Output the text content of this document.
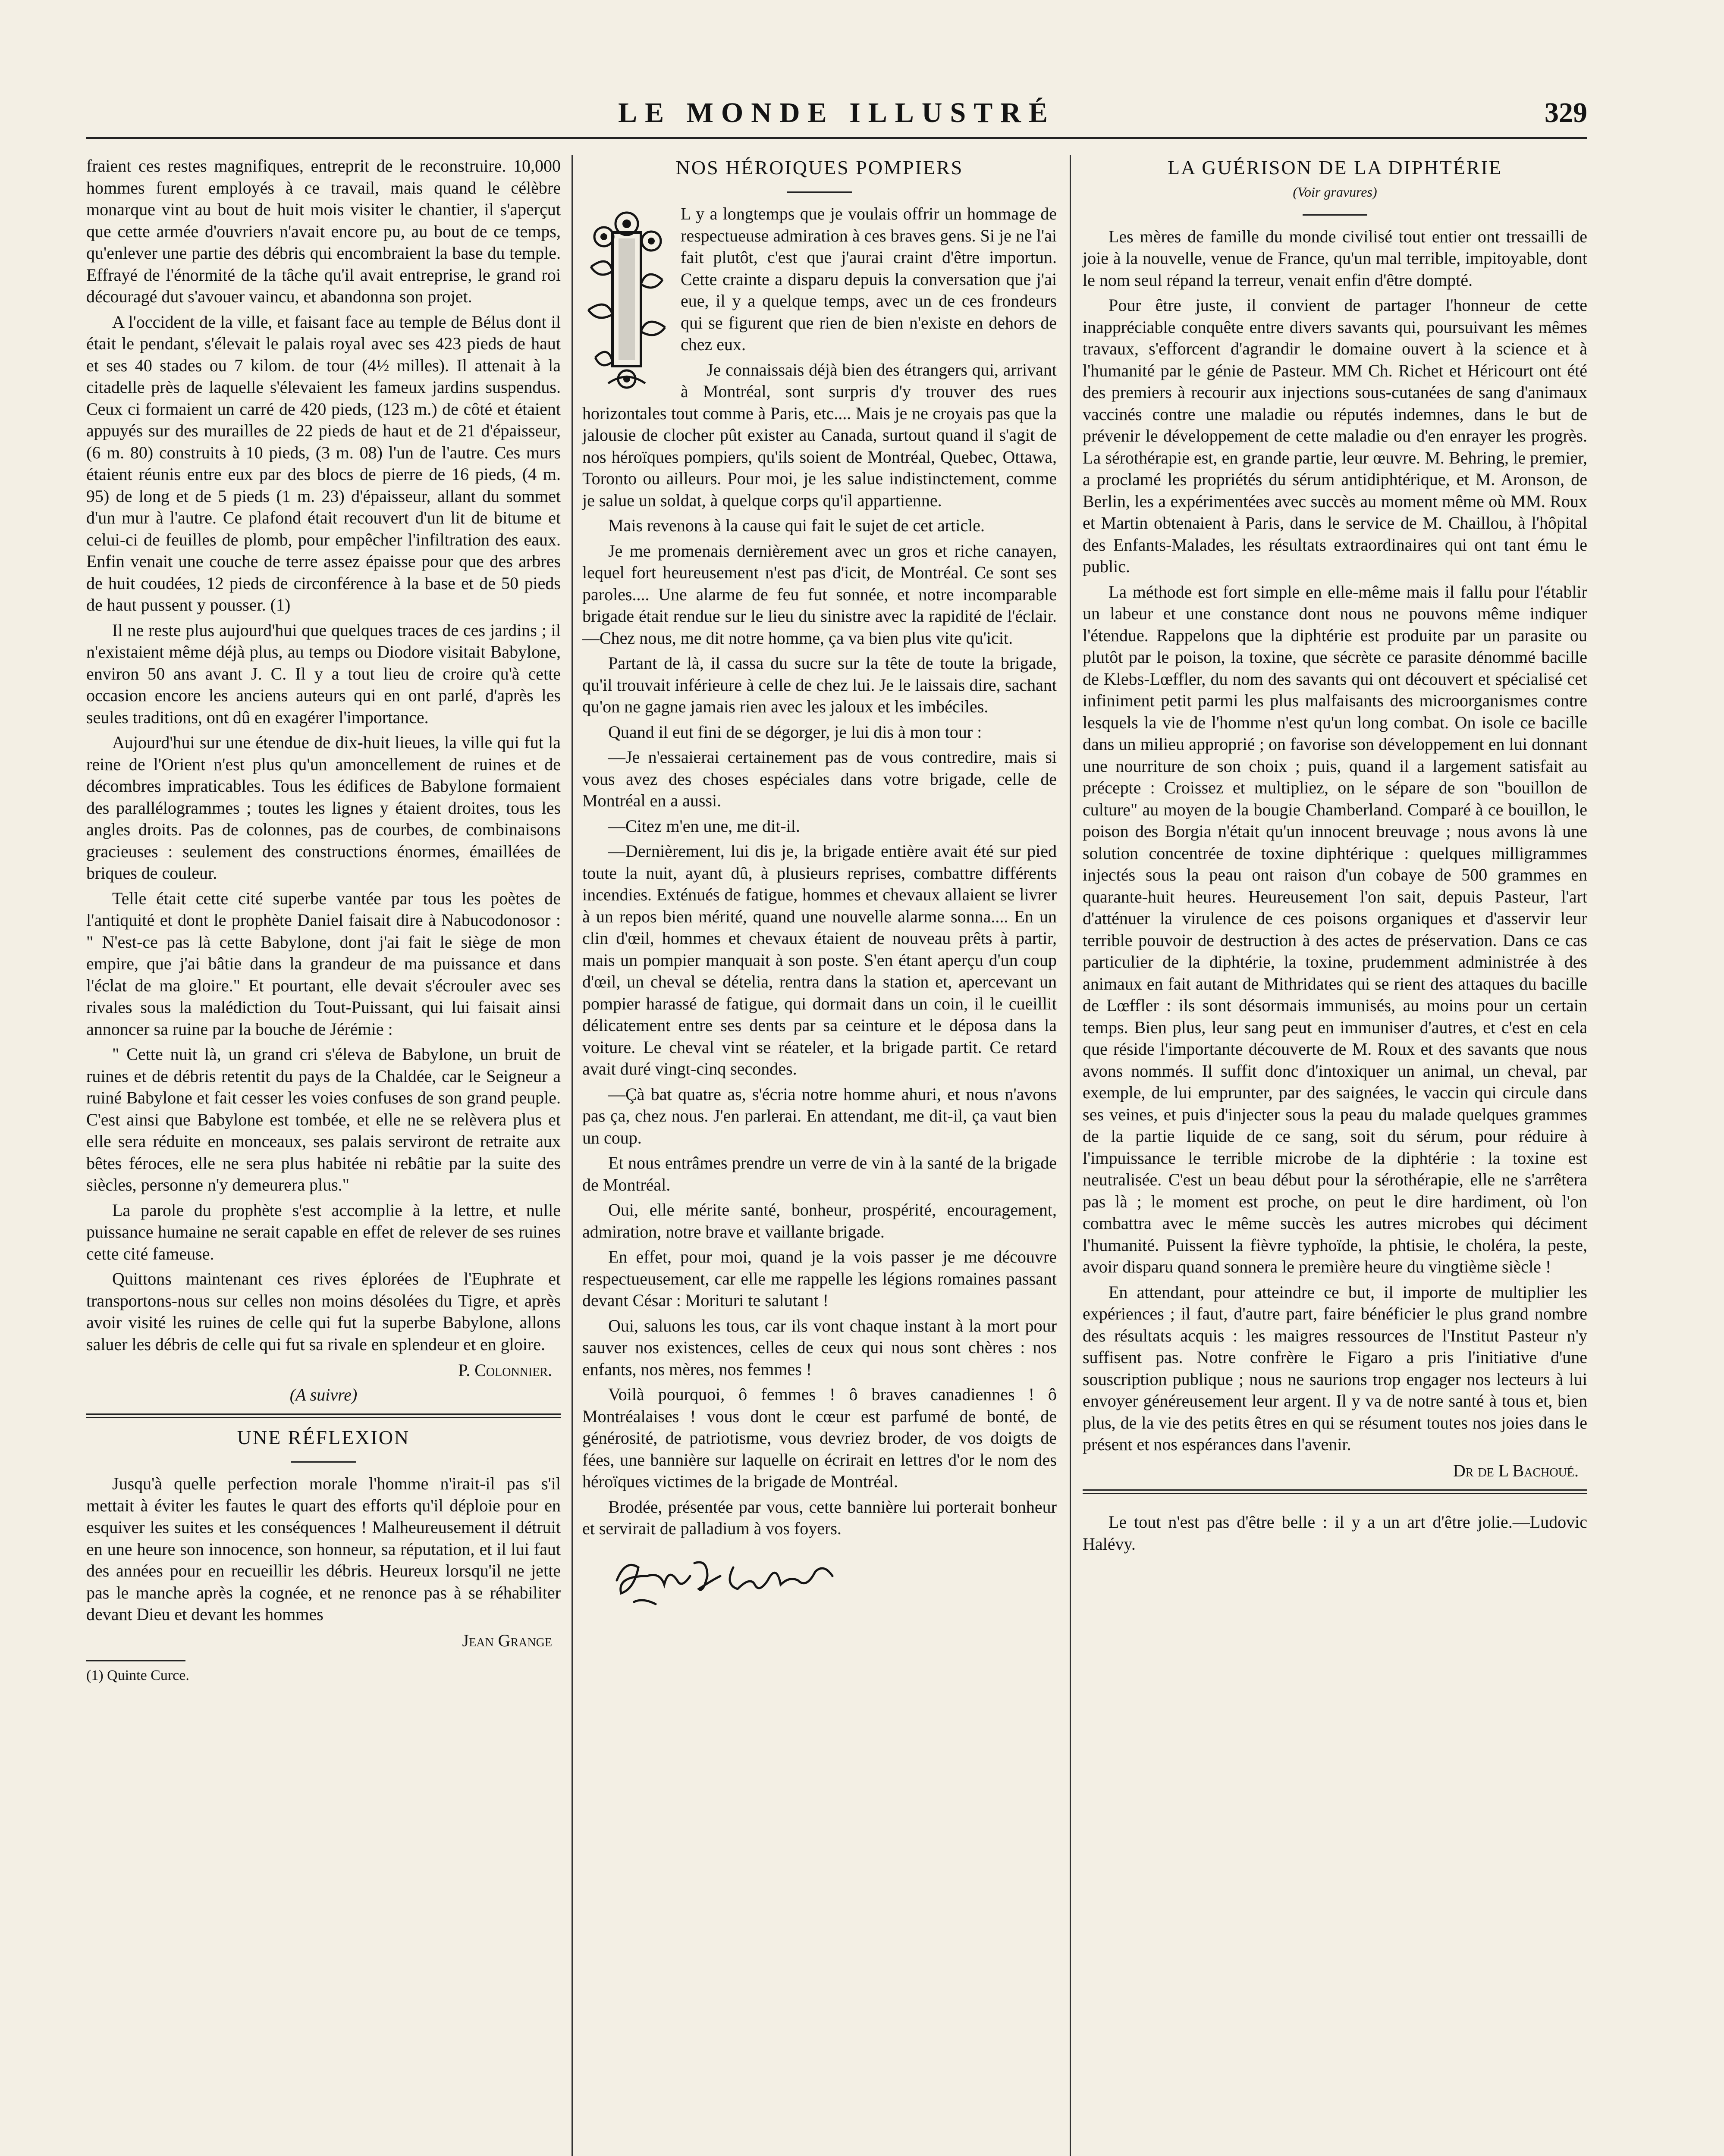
LE MONDE ILLUSTRÉ	329

fraient ces restes magnifiques, entreprit de le reconstruire. 10,000 hommes furent employés à ce travail, mais quand le célèbre monarque vint au bout de huit mois visiter le chantier, il s'aperçut que cette armée d'ouvriers n'avait encore pu, au bout de ce temps, qu'enlever une partie des débris qui encombraient la base du temple. Effrayé de l'énormité de la tâche qu'il avait entreprise, le grand roi découragé dut s'avouer vaincu, et abandonna son projet.

A l'occident de la ville, et faisant face au temple de Bélus dont il était le pendant, s'élevait le palais royal avec ses 423 pieds de haut et ses 40 stades ou 7 kilom. de tour (4½ milles). Il attenait à la citadelle près de laquelle s'élevaient les fameux jardins suspendus. Ceux ci formaient un carré de 420 pieds, (123 m.) de côté et étaient appuyés sur des murailles de 22 pieds de haut et de 21 d'épaisseur, (6 m. 80) construits à 10 pieds, (3 m. 08) l'un de l'autre. Ces murs étaient réunis entre eux par des blocs de pierre de 16 pieds, (4 m. 95) de long et de 5 pieds (1 m. 23) d'épaisseur, allant du sommet d'un mur à l'autre. Ce plafond était recouvert d'un lit de bitume et celui-ci de feuilles de plomb, pour empêcher l'infiltration des eaux. Enfin venait une couche de terre assez épaisse pour que des arbres de huit coudées, 12 pieds de circonférence à la base et de 50 pieds de haut pussent y pousser. (1)

Il ne reste plus aujourd'hui que quelques traces de ces jardins ; il n'existaient même déjà plus, au temps ou Diodore visitait Babylone, environ 50 ans avant J. C. Il y a tout lieu de croire qu'à cette occasion encore les anciens auteurs qui en ont parlé, d'après les seules traditions, ont dû en exagérer l'importance.

Aujourd'hui sur une étendue de dix-huit lieues, la ville qui fut la reine de l'Orient n'est plus qu'un amoncellement de ruines et de décombres impraticables. Tous les édifices de Babylone formaient des parallélogrammes ; toutes les lignes y étaient droites, tous les angles droits. Pas de colonnes, pas de courbes, de combinaisons gracieuses : seulement des constructions énormes, émaillées de briques de couleur.

Telle était cette cité superbe vantée par tous les poètes de l'antiquité et dont le prophète Daniel faisait dire à Nabucodonosor : " N'est-ce pas là cette Babylone, dont j'ai fait le siège de mon empire, que j'ai bâtie dans la grandeur de ma puissance et dans l'éclat de ma gloire." Et pourtant, elle devait s'écrouler avec ses rivales sous la malédiction du Tout-Puissant, qui lui faisait ainsi annoncer sa ruine par la bouche de Jérémie :

" Cette nuit là, un grand cri s'éleva de Babylone, un bruit de ruines et de débris retentit du pays de la Chaldée, car le Seigneur a ruiné Babylone et fait cesser les voies confuses de son grand peuple. C'est ainsi que Babylone est tombée, et elle ne se relèvera plus et elle sera réduite en monceaux, ses palais serviront de retraite aux bêtes féroces, elle ne sera plus habitée ni rebâtie par la suite des siècles, personne n'y demeurera plus."

La parole du prophète s'est accomplie à la lettre, et nulle puissance humaine ne serait capable en effet de relever de ses ruines cette cité fameuse.

Quittons maintenant ces rives éplorées de l'Euphrate et transportons-nous sur celles non moins désolées du Tigre, et après avoir visité les ruines de celle qui fut la superbe Babylone, allons saluer les débris de celle qui fut sa rivale en splendeur et en gloire.

P. Colonnier.
(A suivre)
UNE RÉFLEXION

Jusqu'à quelle perfection morale l'homme n'irait-il pas s'il mettait à éviter les fautes le quart des efforts qu'il déploie pour en esquiver les suites et les conséquences ! Malheureusement il détruit en une heure son innocence, son honneur, sa réputation, et il lui faut des années pour en recueillir les débris. Heureux lorsqu'il ne jette pas le manche après la cognée, et ne renonce pas à se réhabiliter devant Dieu et devant les hommes

Jean Grange

(1) Quinte Curce.

NOS HÉROIQUES POMPIERS

L y a longtemps que je voulais offrir un hommage de respectueuse admiration à ces braves gens. Si je ne l'ai fait plutôt, c'est que j'aurai craint d'être importun. Cette crainte a disparu depuis la conversation que j'ai eue, il y a quelque temps, avec un de ces frondeurs qui se figurent que rien de bien n'existe en dehors de chez eux.

Je connaissais déjà bien des étrangers qui, arrivant à Montréal, sont surpris d'y trouver des rues horizontales tout comme à Paris, etc.... Mais je ne croyais pas que la jalousie de clocher pût exister au Canada, surtout quand il s'agit de nos héroïques pompiers, qu'ils soient de Montréal, Quebec, Ottawa, Toronto ou ailleurs. Pour moi, je les salue indistinctement, comme je salue un soldat, à quelque corps qu'il appartienne.

Mais revenons à la cause qui fait le sujet de cet article.

Je me promenais dernièrement avec un gros et riche canayen, lequel fort heureusement n'est pas d'icit, de Montréal. Ce sont ses paroles.... Une alarme de feu fut sonnée, et notre incomparable brigade était rendue sur le lieu du sinistre avec la rapidité de l'éclair.—Chez nous, me dit notre homme, ça va bien plus vite qu'icit.

Partant de là, il cassa du sucre sur la tête de toute la brigade, qu'il trouvait inférieure à celle de chez lui. Je le laissais dire, sachant qu'on ne gagne jamais rien avec les jaloux et les imbéciles.

Quand il eut fini de se dégorger, je lui dis à mon tour :

—Je n'essaierai certainement pas de vous contredire, mais si vous avez des choses espéciales dans votre brigade, celle de Montréal en a aussi.

—Citez m'en une, me dit-il.

—Dernièrement, lui dis je, la brigade entière avait été sur pied toute la nuit, ayant dû, à plusieurs reprises, combattre différents incendies. Exténués de fatigue, hommes et chevaux allaient se livrer à un repos bien mérité, quand une nouvelle alarme sonna.... En un clin d'œil, hommes et chevaux étaient de nouveau prêts à partir, mais un pompier manquait à son poste. S'en étant aperçu d'un coup d'œil, un cheval se dételia, rentra dans la station et, apercevant un pompier harassé de fatigue, qui dormait dans un coin, il le cueillit délicatement entre ses dents par sa ceinture et le déposa dans la voiture. Le cheval vint se réateler, et la brigade partit. Ce retard avait duré vingt-cinq secondes.

—Çà bat quatre as, s'écria notre homme ahuri, et nous n'avons pas ça, chez nous. J'en parlerai. En attendant, me dit-il, ça vaut bien un coup.

Et nous entrâmes prendre un verre de vin à la santé de la brigade de Montréal.

Oui, elle mérite santé, bonheur, prospérité, encouragement, admiration, notre brave et vaillante brigade.

En effet, pour moi, quand je la vois passer je me découvre respectueusement, car elle me rappelle les légions romaines passant devant César : Morituri te salutant !

Oui, saluons les tous, car ils vont chaque instant à la mort pour sauver nos existences, celles de ceux qui nous sont chères : nos enfants, nos mères, nos femmes !

Voilà pourquoi, ô femmes ! ô braves canadiennes ! ô Montréalaises ! vous dont le cœur est parfumé de bonté, de générosité, de patriotisme, vous devriez broder, de vos doigts de fées, une bannière sur laquelle on écrirait en lettres d'or le nom des héroïques victimes de la brigade de Montréal.

Brodée, présentée par vous, cette bannière lui porterait bonheur et servirait de palladium à vos foyers.

LA GUÉRISON DE LA DIPHTÉRIE
(Voir gravures)

Les mères de famille du monde civilisé tout entier ont tressailli de joie à la nouvelle, venue de France, qu'un mal terrible, impitoyable, dont le nom seul répand la terreur, venait enfin d'être dompté.

Pour être juste, il convient de partager l'honneur de cette inappréciable conquête entre divers savants qui, poursuivant les mêmes travaux, s'efforcent d'agrandir le domaine ouvert à la science et à l'humanité par le génie de Pasteur. MM Ch. Richet et Héricourt ont été des premiers à recourir aux injections sous-cutanées de sang d'animaux vaccinés contre une maladie ou réputés indemnes, dans le but de prévenir le développement de cette maladie ou d'en enrayer les progrès. La sérothérapie est, en grande partie, leur œuvre. M. Behring, le premier, a proclamé les propriétés du sérum antidiphtérique, et M. Aronson, de Berlin, les a expérimentées avec succès au moment même où MM. Roux et Martin obtenaient à Paris, dans le service de M. Chaillou, à l'hôpital des Enfants-Malades, les résultats extraordinaires qui ont tant ému le public.

La méthode est fort simple en elle-même mais il fallu pour l'établir un labeur et une constance dont nous ne pouvons même indiquer l'étendue. Rappelons que la diphtérie est produite par un parasite ou plutôt par le poison, la toxine, que sécrète ce parasite dénommé bacille de Klebs-Lœffler, du nom des savants qui ont découvert et spécialisé cet infiniment petit parmi les plus malfaisants des microorganismes contre lesquels la vie de l'homme n'est qu'un long combat. On isole ce bacille dans un milieu approprié ; on favorise son développement en lui donnant une nourriture de son choix ; puis, quand il a largement satisfait au précepte : Croissez et multipliez, on le sépare de son "bouillon de culture" au moyen de la bougie Chamberland. Comparé à ce bouillon, le poison des Borgia n'était qu'un innocent breuvage ; nous avons là une solution concentrée de toxine diphtérique : quelques milligrammes injectés sous la peau ont raison d'un cobaye de 500 grammes en quarante-huit heures. Heureusement l'on sait, depuis Pasteur, l'art d'atténuer la virulence de ces poisons organiques et d'asservir leur terrible pouvoir de destruction à des actes de préservation. Dans ce cas particulier de la diphtérie, la toxine, prudemment administrée à des animaux en fait autant de Mithridates qui se rient des attaques du bacille de Lœffler : ils sont désormais immunisés, au moins pour un certain temps. Bien plus, leur sang peut en immuniser d'autres, et c'est en cela que réside l'importante découverte de M. Roux et des savants que nous avons nommés. Il suffit donc d'intoxiquer un animal, un cheval, par exemple, de lui emprunter, par des saignées, le vaccin qui circule dans ses veines, et puis d'injecter sous la peau du malade quelques grammes de la partie liquide de ce sang, soit du sérum, pour réduire à l'impuissance le terrible microbe de la diphtérie : la toxine est neutralisée. C'est un beau début pour la sérothérapie, elle ne s'arrêtera pas là ; le moment est proche, on peut le dire hardiment, où l'on combattra avec le même succès les autres microbes qui déciment l'humanité. Puissent la fièvre typhoïde, la phtisie, le choléra, la peste, avoir disparu quand sonnera le première heure du vingtième siècle !

En attendant, pour atteindre ce but, il importe de multiplier les expériences ; il faut, d'autre part, faire bénéficier le plus grand nombre des résultats acquis : les maigres ressources de l'Institut Pasteur n'y suffisent pas. Notre confrère le Figaro a pris l'initiative d'une souscription publique ; nous ne saurions trop engager nos lecteurs à lui envoyer généreusement leur argent. Il y va de notre santé à tous et, bien plus, de la vie des petits êtres en qui se résument toutes nos joies dans le présent et nos espérances dans l'avenir.

Dr de L Bachoué.

Le tout n'est pas d'être belle : il y a un art d'être jolie.—Ludovic Halévy.
